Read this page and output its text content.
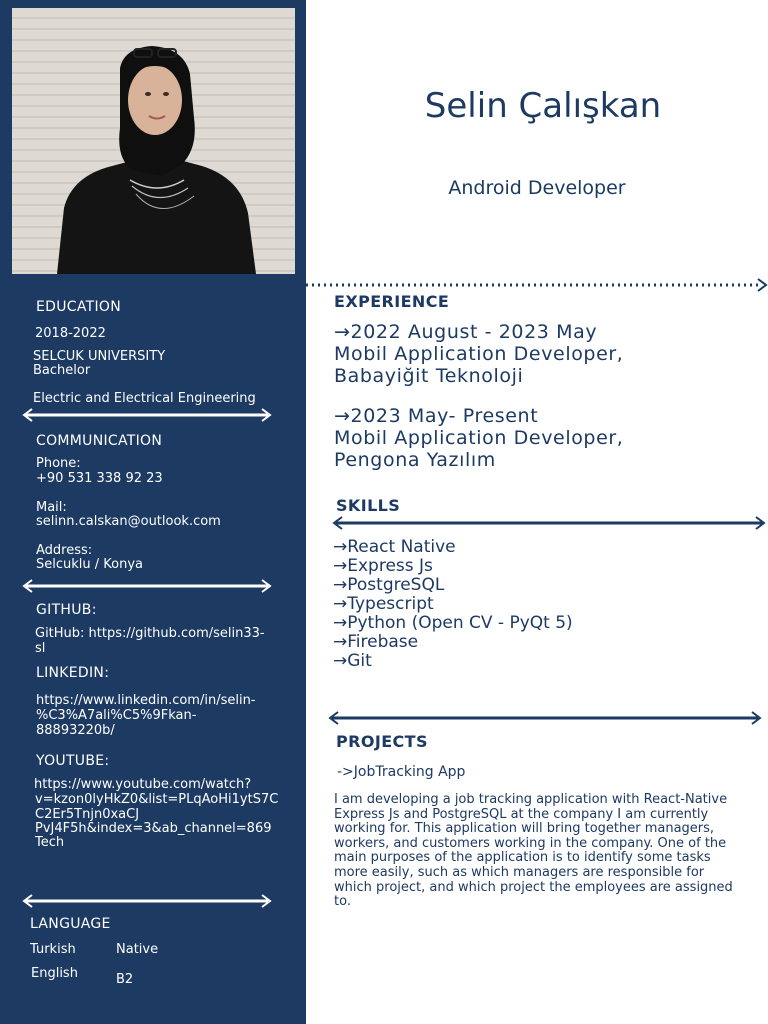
EDUCATION
2018-2022
SELCUK UNIVERSITY
Bachelor
Electric and Electrical Engineering
COMMUNICATION
Phone:
+90 531 338 92 23
Mail:
selinn.calskan@outlook.com
Address:
Selcuklu / Konya
GITHUB:
GitHub: https://github.com/selin33-
sl
LINKEDIN:
https://www.linkedin.com/in/selin-
%C3%A7ali%C5%9Fkan-
88893220b/
YOUTUBE:
https://www.youtube.com/watch?
v=kzon0lyHkZ0&list=PLqAoHi1ytS7C
C2Er5Tnjn0xaCJ
PvJ4F5h&index=3&ab_channel=869
Tech
LANGUAGE
Turkish	Native
English	B2
Selin Çalışkan
Android Developer
EXPERIENCE
→2022 August - 2023 May
Mobil Application Developer,
Babayiğit Teknoloji
→2023 May- Present
Mobil Application Developer,
Pengona Yazılım
SKILLS
→React Native
→Express Js
→PostgreSQL
→Typescript
→Python (Open CV - PyQt 5)
→Firebase
→Git
PROJECTS
->JobTracking App
I am developing a job tracking application with React-Native Express Js and PostgreSQL at the company I am currently working for. This application will bring together managers, workers, and customers working in the company. One of the main purposes of the application is to identify some tasks more easily, such as which managers are responsible for which project, and which project the employees are assigned to.
